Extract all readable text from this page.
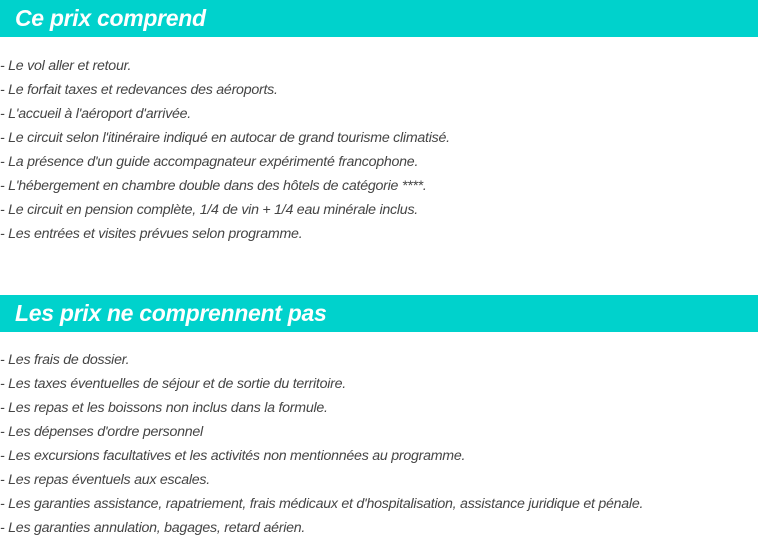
Ce prix comprend
- Le vol aller et retour.
- Le forfait taxes et redevances des aéroports.
- L'accueil à l'aéroport d'arrivée.
- Le circuit selon l'itinéraire indiqué en autocar de grand tourisme climatisé.
- La présence d'un guide accompagnateur expérimenté francophone.
- L'hébergement en chambre double dans des hôtels de catégorie ****.
- Le circuit en pension complète, 1/4 de vin + 1/4 eau minérale inclus.
- Les entrées et visites prévues selon programme.
Les prix ne comprennent pas
- Les frais de dossier.
- Les taxes éventuelles de séjour et de sortie du territoire.
- Les repas et les boissons non inclus dans la formule.
- Les dépenses d'ordre personnel
- Les excursions facultatives et les activités non mentionnées au programme.
- Les repas éventuels aux escales.
- Les garanties assistance, rapatriement, frais médicaux et d'hospitalisation, assistance juridique et pénale.
- Les garanties annulation, bagages, retard aérien.
